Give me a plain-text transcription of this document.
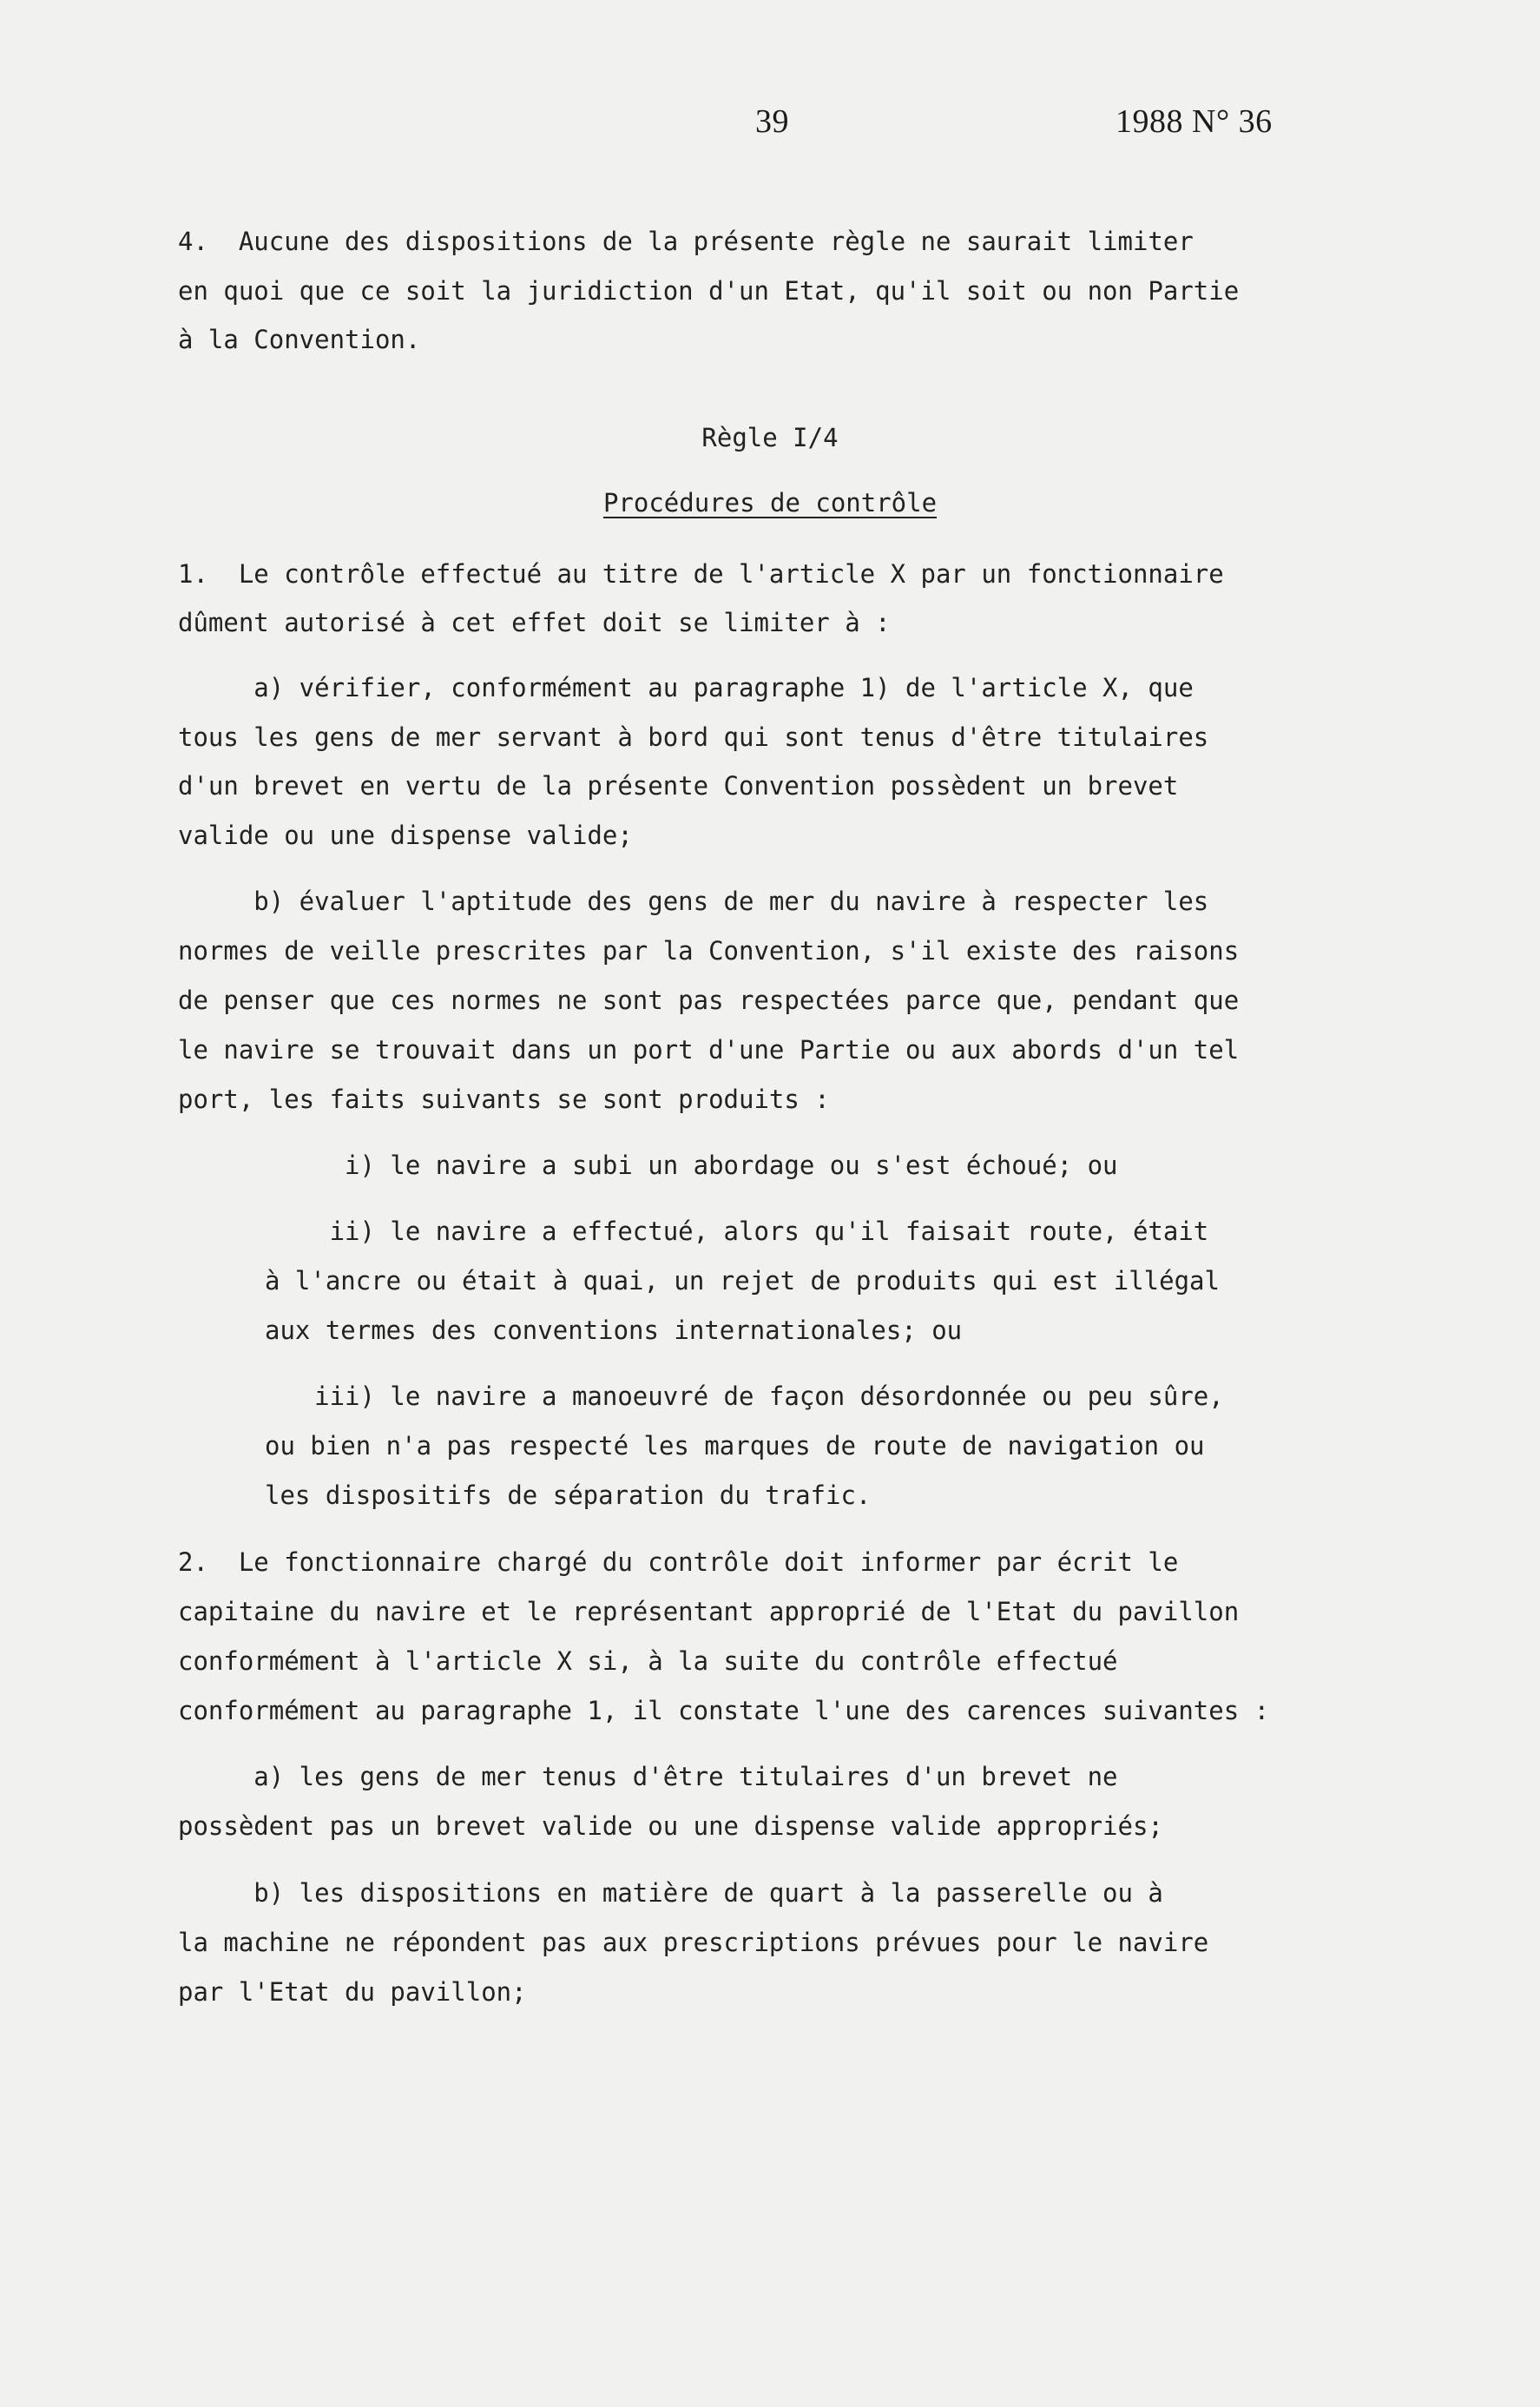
39	1988 N° 36
4.  Aucune des dispositions de la présente règle ne saurait limiter
en quoi que ce soit la juridiction d'un Etat, qu'il soit ou non Partie
à la Convention.
Règle I/4
Procédures de contrôle
1.  Le contrôle effectué au titre de l'article X par un fonctionnaire
dûment autorisé à cet effet doit se limiter à :
a) vérifier, conformément au paragraphe 1) de l'article X, que
tous les gens de mer servant à bord qui sont tenus d'être titulaires
d'un brevet en vertu de la présente Convention possèdent un brevet
valide ou une dispense valide;
b) évaluer l'aptitude des gens de mer du navire à respecter les
normes de veille prescrites par la Convention, s'il existe des raisons
de penser que ces normes ne sont pas respectées parce que, pendant que
le navire se trouvait dans un port d'une Partie ou aux abords d'un tel
port, les faits suivants se sont produits :
i) le navire a subi un abordage ou s'est échoué; ou
ii) le navire a effectué, alors qu'il faisait route, était
à l'ancre ou était à quai, un rejet de produits qui est illégal
aux termes des conventions internationales; ou
iii) le navire a manoeuvré de façon désordonnée ou peu sûre,
ou bien n'a pas respecté les marques de route de navigation ou
les dispositifs de séparation du trafic.
2.  Le fonctionnaire chargé du contrôle doit informer par écrit le
capitaine du navire et le représentant approprié de l'Etat du pavillon
conformément à l'article X si, à la suite du contrôle effectué
conformément au paragraphe 1, il constate l'une des carences suivantes :
a) les gens de mer tenus d'être titulaires d'un brevet ne
possèdent pas un brevet valide ou une dispense valide appropriés;
b) les dispositions en matière de quart à la passerelle ou à
la machine ne répondent pas aux prescriptions prévues pour le navire
par l'Etat du pavillon;
